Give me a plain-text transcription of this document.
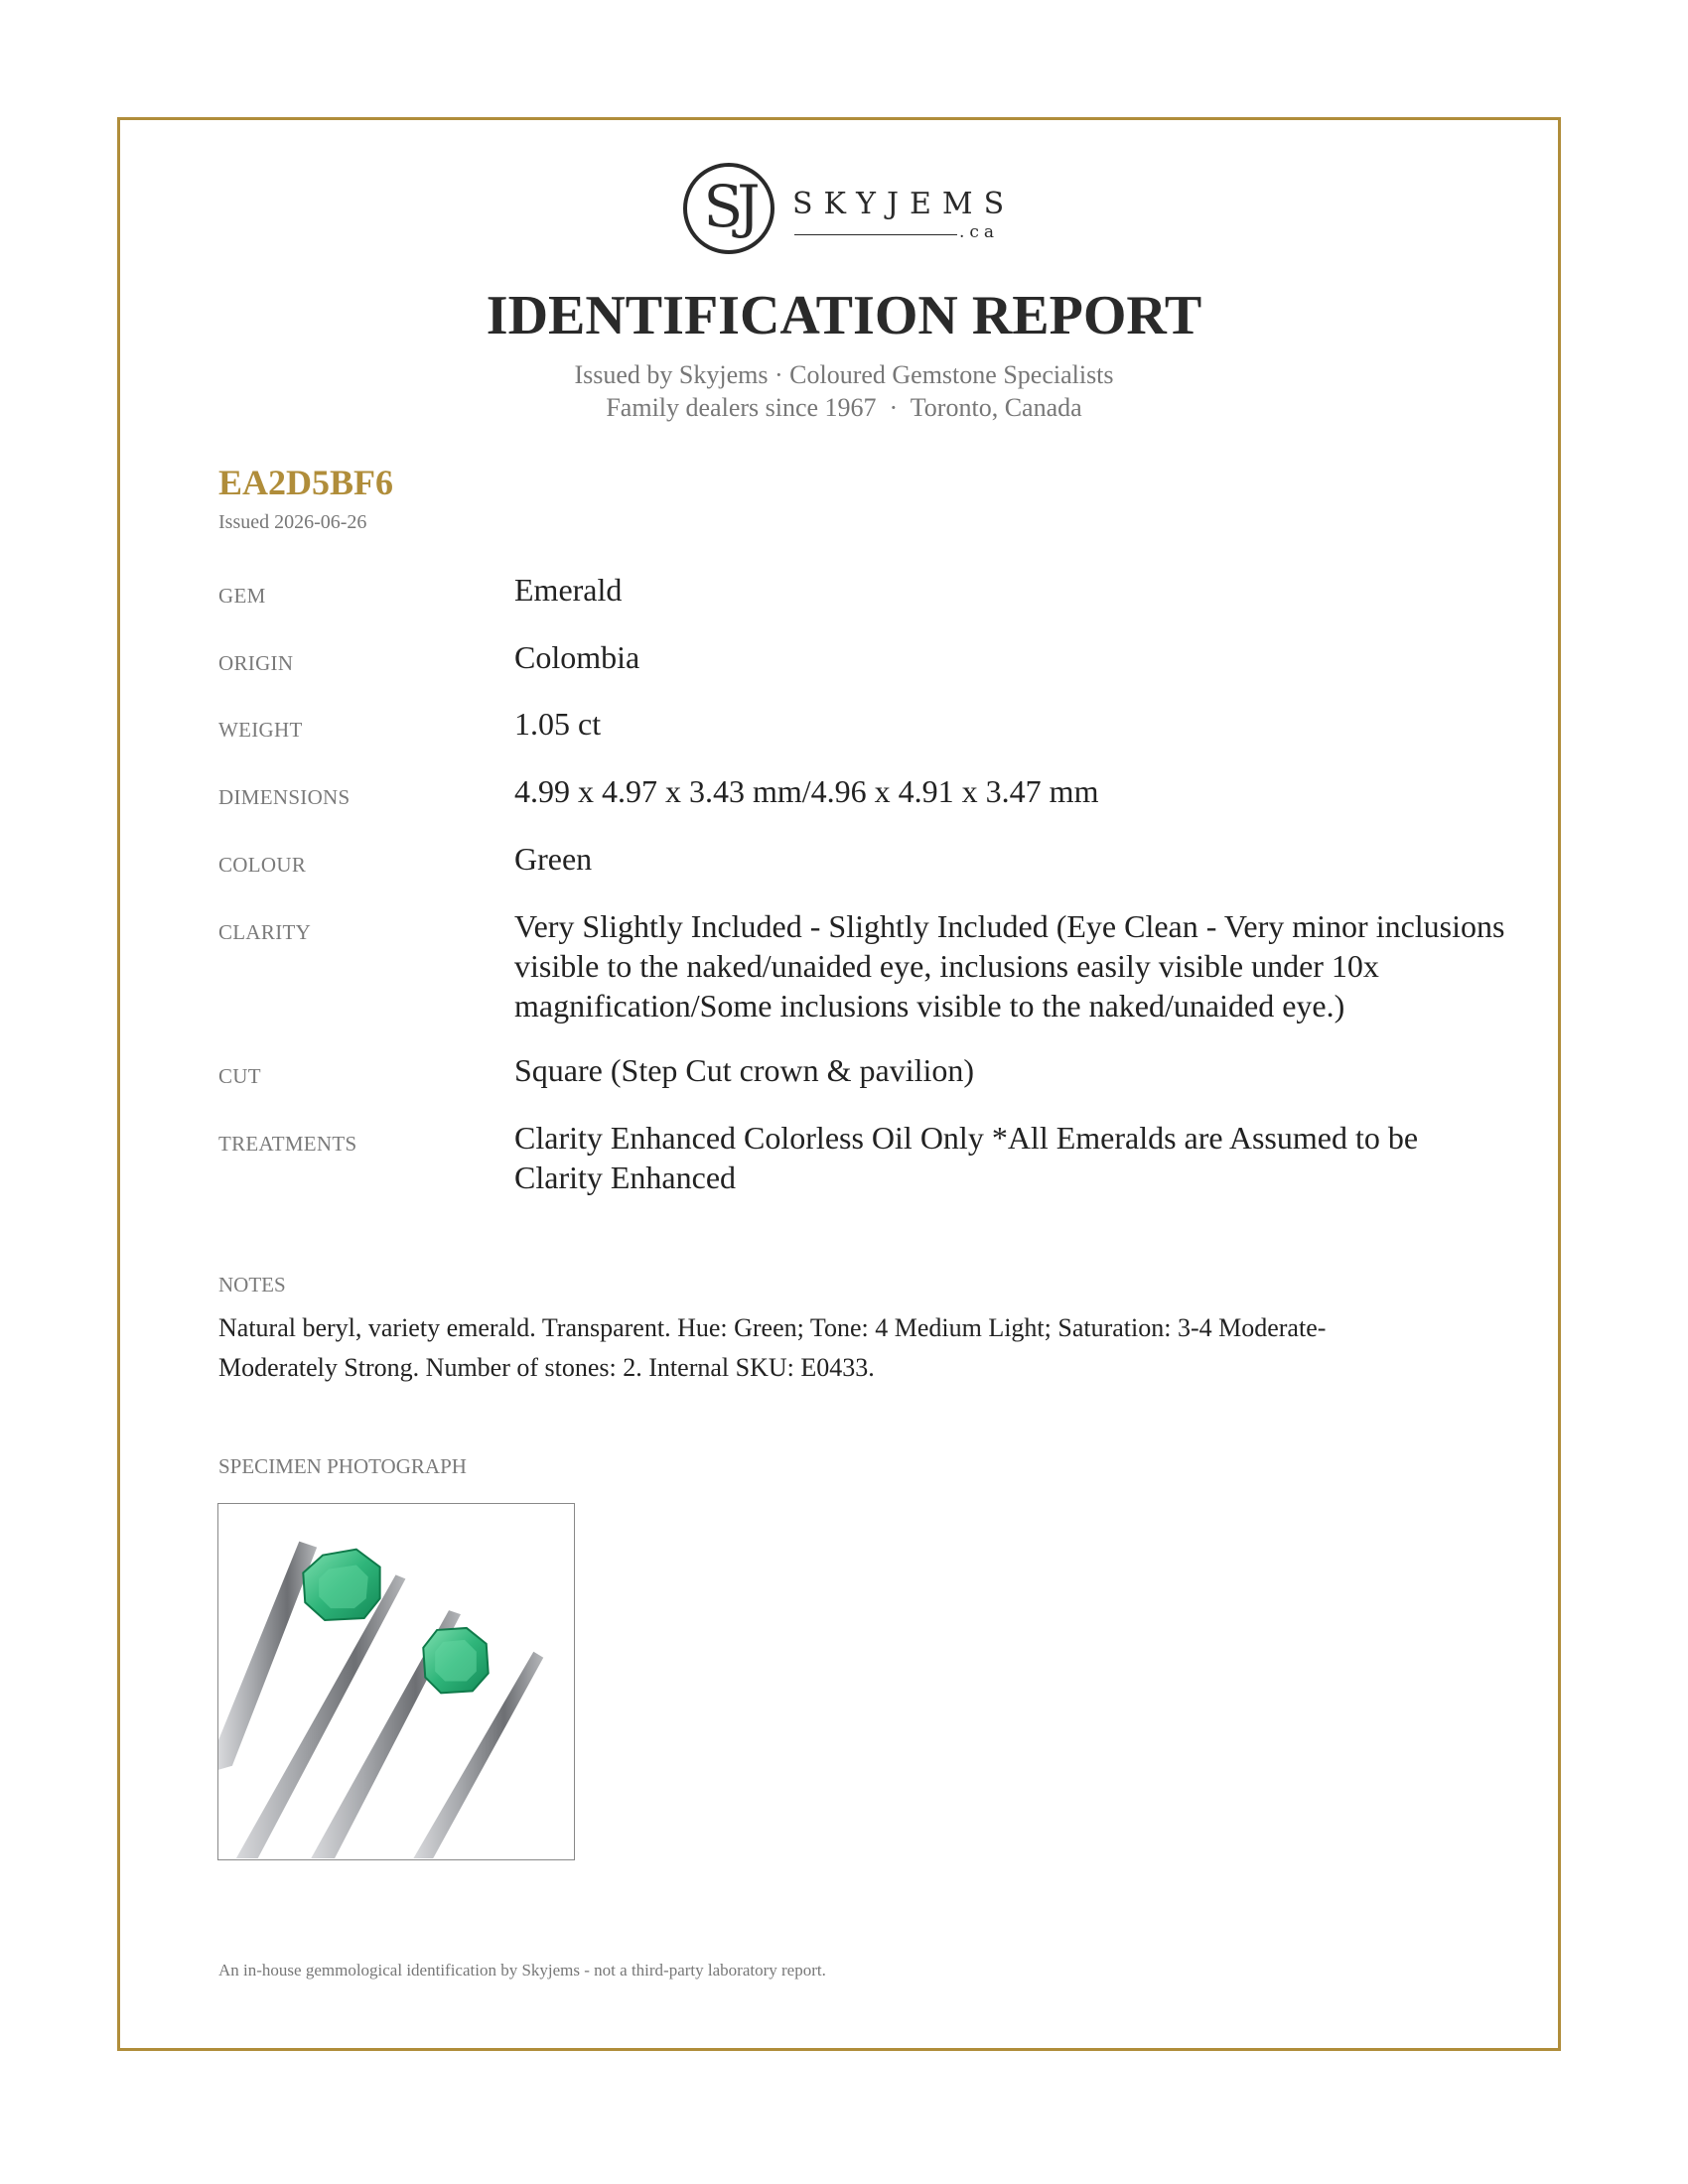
SJ	SKYJEMS
.ca
IDENTIFICATION REPORT
Issued by Skyjems · Coloured Gemstone Specialists
Family dealers since 1967  ·  Toronto, Canada
EA2D5BF6
Issued 2026-06-26
GEM	Emerald
ORIGIN	Colombia
WEIGHT	1.05 ct
DIMENSIONS	4.99 x 4.97 x 3.43 mm/4.96 x 4.91 x 3.47 mm
COLOUR	Green
CLARITY	Very Slightly Included - Slightly Included (Eye Clean - Very minor inclusions visible to the naked/unaided eye, inclusions easily visible under 10x magnification/Some inclusions visible to the naked/unaided eye.)
CUT	Square (Step Cut crown & pavilion)
TREATMENTS	Clarity Enhanced Colorless Oil Only *All Emeralds are Assumed to be Clarity Enhanced
NOTES
Natural beryl, variety emerald. Transparent. Hue: Green; Tone: 4 Medium Light; Saturation: 3-4 Moderate-Moderately Strong. Number of stones: 2. Internal SKU: E0433.
SPECIMEN PHOTOGRAPH
An in-house gemmological identification by Skyjems - not a third-party laboratory report.
